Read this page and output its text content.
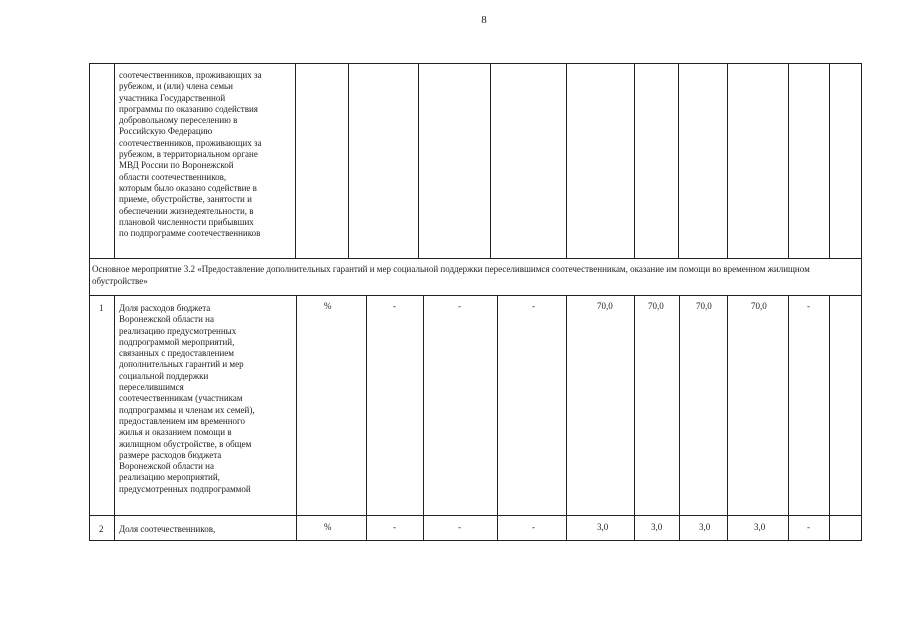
8
соотечественников, проживающих за
рубежом, и (или) члена семьи
участника Государственной
программы по оказанию содействия
добровольному переселению в
Российскую Федерацию
соотечественников, проживающих за
рубежом, в территориальном органе
МВД России по Воронежской
области соотечественников,
которым было оказано содействие в
приеме, обустройстве, занятости и
обеспечении жизнедеятельности, в
плановой численности прибывших
по подпрограмме соотечественников
Основное мероприятие 3.2 «Предоставление дополнительных гарантий и мер социальной поддержки переселившимся соотечественникам, оказание им помощи во временном жилищном обустройстве»
1 Доля расходов бюджета
Воронежской области на
реализацию предусмотренных
подпрограммой мероприятий,
связанных с предоставлением
дополнительных гарантий и мер
социальной поддержки
переселившимся
соотечественникам (участникам
подпрограммы и членам их семей),
предоставлением им временного
жилья и оказанием помощи в
жилищном обустройстве, в общем
размере расходов бюджета
Воронежской области на
реализацию мероприятий,
предусмотренных подпрограммой
%	-	-	-	70,0	70,0	70,0	70,0	-
2 Доля соотечественников,	%	-	-	-	3,0	3,0	3,0	3,0	-
